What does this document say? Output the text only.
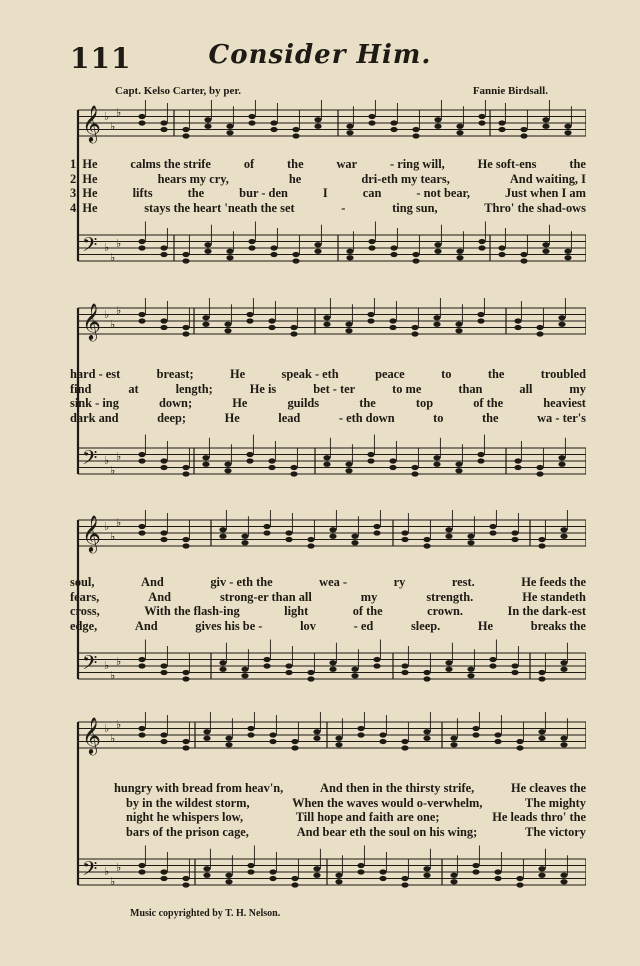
111	Consider Him.
Capt. Kelso Carter, by per.	Fannie Birdsall.
𝄞 ♭
♭
♭
𝄢 ♭
♭
♭
1. He	calms the strife	of	the	war	- ring will,	He soft-ens	the
2. He	hears my cry,	he	dri-eth my tears,	And waiting, I
3. He	lifts	the	bur - den	I	can	- not bear,	Just when I am
4. He	stays the heart 'neath the set	-	ting sun,	Thro' the shad-ows
𝄞 ♭
♭
♭
𝄢 ♭
♭
♭
hard - est	breast;	He	speak - eth	peace	to	the	troubled
find	at	length;	He is	bet - ter	to me	than	all	my
sink - ing	down;	He	guilds	the	top	of the	heaviest
dark and	deep;	He	lead	- eth down	to	the	wa - ter's
𝄞 ♭
♭
♭
𝄢 ♭
♭
♭
soul,	And	giv - eth the	wea -	ry	rest.	He feeds the
fears,	And	strong-er than all	my	strength.	He standeth
cross,	With the flash-ing	light	of the	crown.	In the dark-est
edge,	And	gives his be -	lov	- ed	sleep.	He	breaks the
𝄞 ♭
♭
♭
𝄢 ♭
♭
♭
hungry with bread from heav'n,	And then in the thirsty strife,	He cleaves the
by in the wildest storm,	When the waves would o-verwhelm,	The mighty
night he whispers low,	Till hope and faith are one;	He leads thro' the
bars of the prison cage,	And bear eth the soul on his wing;	The victory
Music copyrighted by T. H. Nelson.
